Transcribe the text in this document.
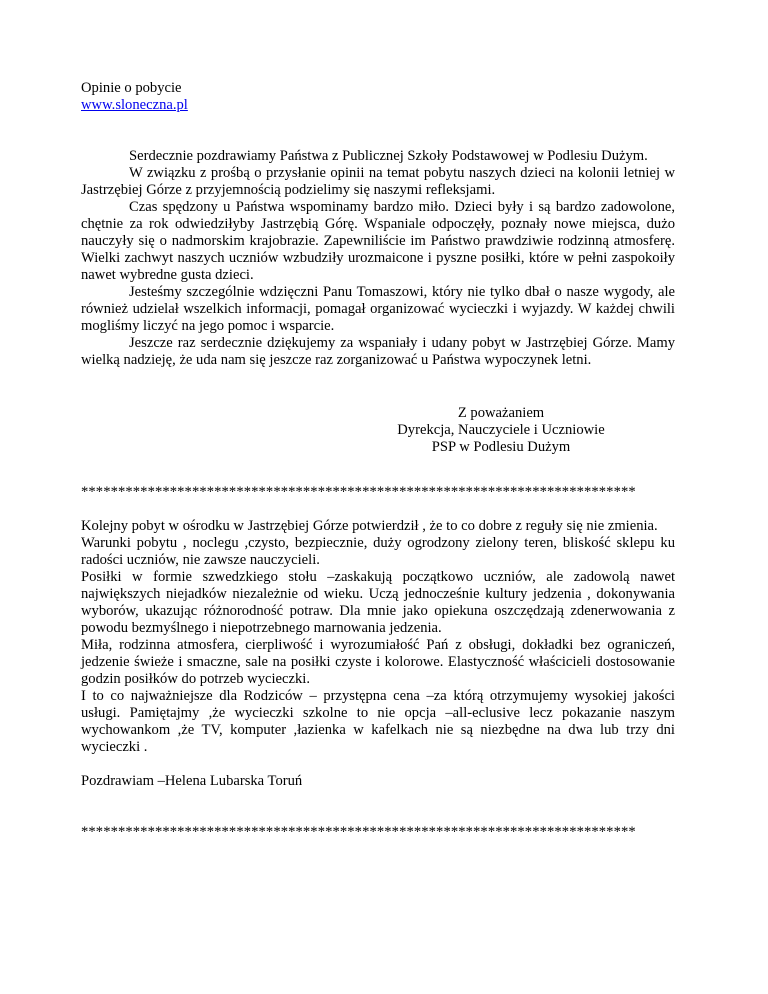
Opinie o pobycie

www.sloneczna.pl

Serdecznie pozdrawiamy Państwa z Publicznej Szkoły Podstawowej w Podlesiu Dużym.

W związku z prośbą o przysłanie opinii na temat pobytu naszych dzieci na kolonii letniej w Jastrzębiej Górze z przyjemnością podzielimy się naszymi refleksjami.

Czas spędzony u Państwa wspominamy bardzo miło. Dzieci były i są bardzo zadowolone, chętnie za rok odwiedziłyby Jastrzębią Górę. Wspaniale odpoczęły, poznały nowe miejsca, dużo nauczyły się o nadmorskim krajobrazie. Zapewniliście im Państwo prawdziwie rodzinną atmosferę. Wielki zachwyt naszych uczniów wzbudziły urozmaicone i pyszne posiłki, które w pełni zaspokoiły nawet wybredne gusta dzieci.

Jesteśmy szczególnie wdzięczni Panu Tomaszowi, który nie tylko dbał o nasze wygody, ale również udzielał wszelkich informacji, pomagał organizować wycieczki i wyjazdy. W każdej chwili mogliśmy liczyć na jego pomoc i wsparcie.

Jeszcze raz serdecznie dziękujemy za wspaniały i udany pobyt w Jastrzębiej Górze. Mamy wielką nadzieję, że uda nam się jeszcze raz zorganizować u Państwa wypoczynek letni.

Z poważaniem
Dyrekcja, Nauczyciele i Uczniowie
PSP w Podlesiu Dużym
***************************************************************************

Kolejny pobyt w ośrodku w Jastrzębiej Górze potwierdził , że to co dobre z reguły się nie zmienia.

Warunki pobytu , noclegu ,czysto, bezpiecznie, duży ogrodzony zielony teren, bliskość sklepu ku radości uczniów, nie zawsze nauczycieli.

Posiłki w formie szwedzkiego stołu –zaskakują początkowo uczniów, ale zadowolą nawet największych niejadków niezależnie od wieku. Uczą jednocześnie kultury jedzenia , dokonywania wyborów, ukazując różnorodność potraw. Dla mnie jako opiekuna oszczędzają zdenerwowania z powodu bezmyślnego i niepotrzebnego marnowania jedzenia.

Miła, rodzinna atmosfera, cierpliwość i wyrozumiałość Pań z obsługi, dokładki bez ograniczeń, jedzenie świeże i smaczne, sale na posiłki czyste i kolorowe. Elastyczność właścicieli dostosowanie godzin posiłków do potrzeb wycieczki.

I to co najważniejsze dla Rodziców – przystępna cena –za którą otrzymujemy wysokiej jakości usługi. Pamiętajmy ,że wycieczki szkolne to nie opcja –all-eclusive lecz pokazanie naszym wychowankom ,że TV, komputer ,łazienka w kafelkach nie są niezbędne na dwa lub trzy dni wycieczki .

Pozdrawiam –Helena Lubarska Toruń

***************************************************************************
